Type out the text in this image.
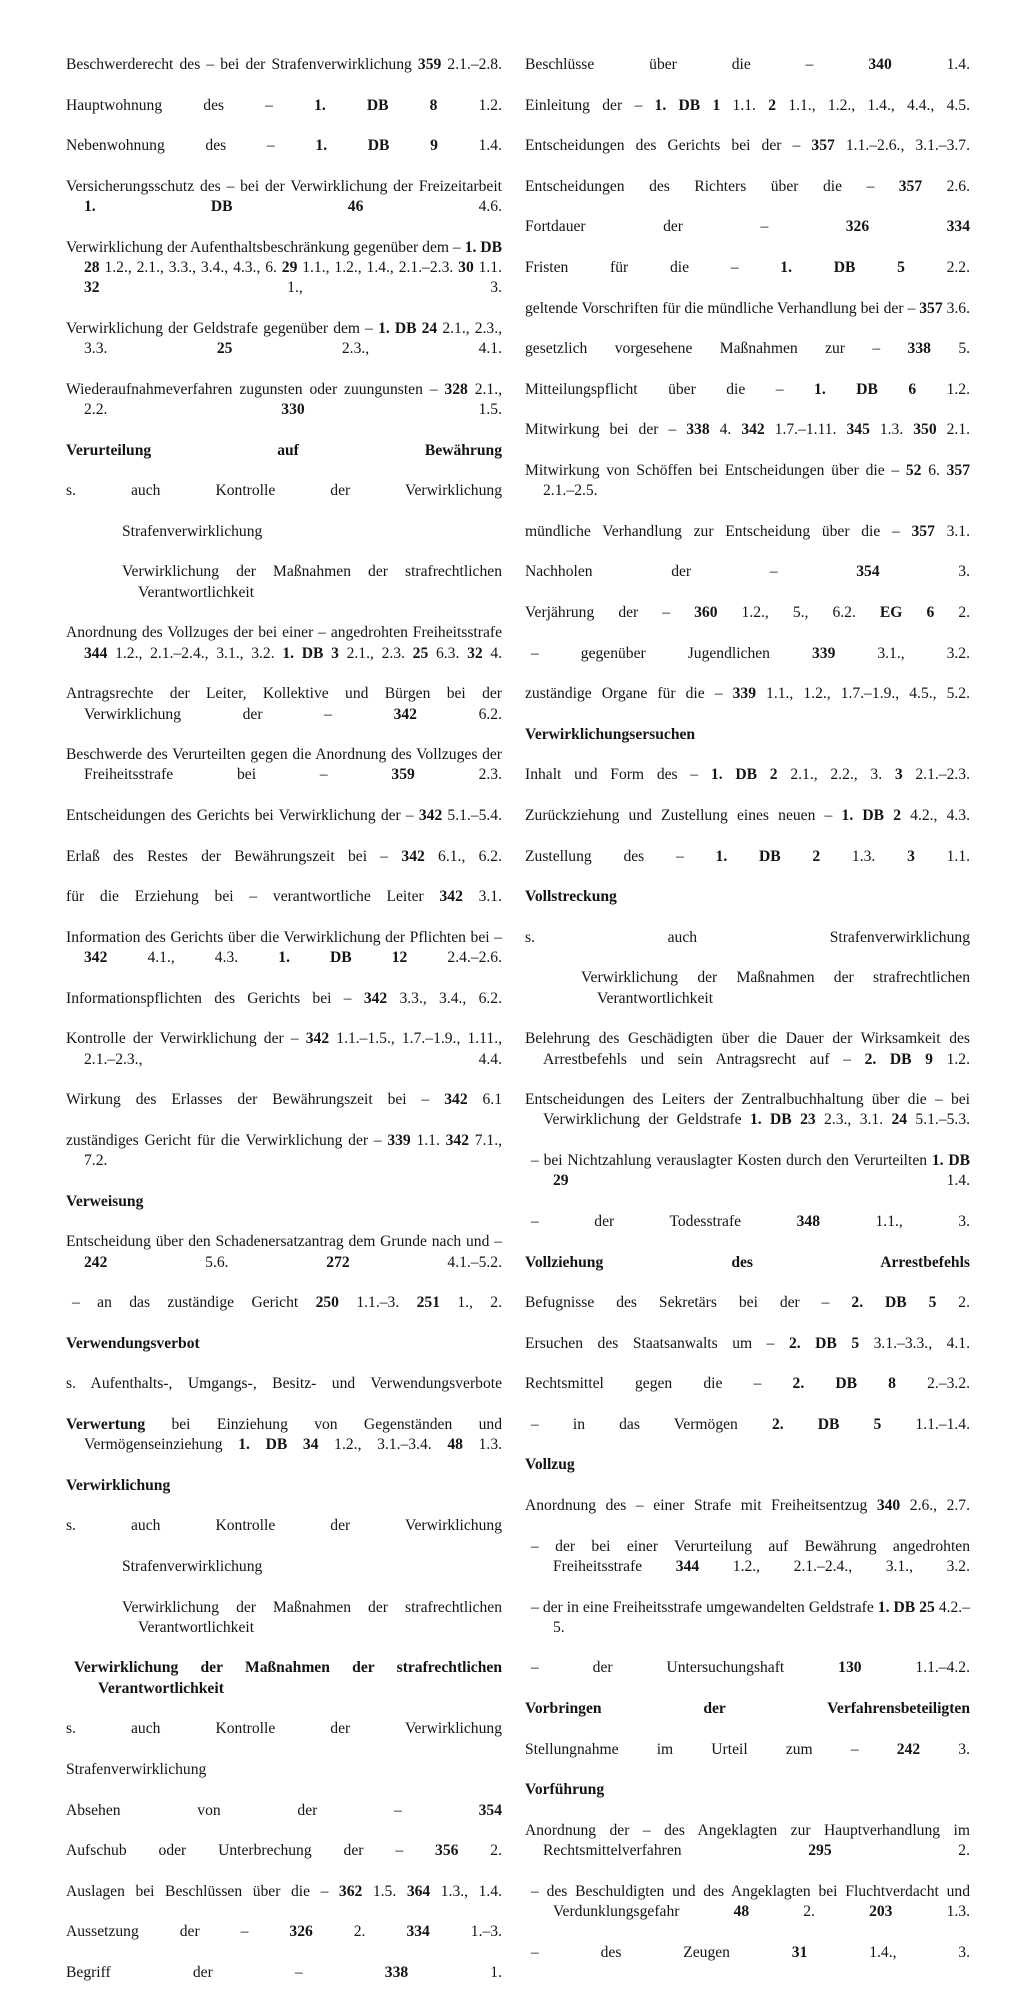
Beschwerderecht des – bei der Strafenverwirklichung 359 2.1.–2.8.
Hauptwohnung des – 1. DB 8 1.2.
Nebenwohnung des – 1. DB 9 1.4.
Versicherungsschutz des – bei der Verwirklichung der Freizeitarbeit 1. DB 46 4.6.
Verwirklichung der Aufenthaltsbeschränkung gegenüber dem – 1. DB 28 1.2., 2.1., 3.3., 3.4., 4.3., 6. 29 1.1., 1.2., 1.4., 2.1.–2.3. 30 1.1. 32 1., 3.
Verwirklichung der Geldstrafe gegenüber dem – 1. DB 24 2.1., 2.3., 3.3. 25 2.3., 4.1.
Wiederaufnahmeverfahren zugunsten oder zuungunsten – 328 2.1., 2.2. 330 1.5.
Verurteilung auf Bewährung
s. auch Kontrolle der Verwirklichung
Strafenverwirklichung
Verwirklichung der Maßnahmen der strafrechtlichen Verantwortlichkeit
Anordnung des Vollzuges der bei einer – angedrohten Freiheitsstrafe 344 1.2., 2.1.–2.4., 3.1., 3.2. 1. DB 3 2.1., 2.3. 25 6.3. 32 4.
Antragsrechte der Leiter, Kollektive und Bürgen bei der Verwirklichung der – 342 6.2.
Beschwerde des Verurteilten gegen die Anordnung des Vollzuges der Freiheitsstrafe bei – 359 2.3.
Entscheidungen des Gerichts bei Verwirklichung der – 342 5.1.–5.4.
Erlaß des Restes der Bewährungszeit bei – 342 6.1., 6.2.
für die Erziehung bei – verantwortliche Leiter 342 3.1.
Information des Gerichts über die Verwirklichung der Pflichten bei – 342 4.1., 4.3. 1. DB 12 2.4.–2.6.
Informationspflichten des Gerichts bei – 342 3.3., 3.4., 6.2.
Kontrolle der Verwirklichung der – 342 1.1.–1.5., 1.7.–1.9., 1.11., 2.1.–2.3., 4.4.
Wirkung des Erlasses der Bewährungszeit bei – 342 6.1
zuständiges Gericht für die Verwirklichung der – 339 1.1. 342 7.1., 7.2.
Verweisung
Entscheidung über den Schadenersatzantrag dem Grunde nach und – 242 5.6. 272 4.1.–5.2.
– an das zuständige Gericht 250 1.1.–3. 251 1., 2.
Verwendungsverbot
s. Aufenthalts-, Umgangs-, Besitz- und Verwendungsverbote
Verwertung bei Einziehung von Gegenständen und Vermögenseinziehung 1. DB 34 1.2., 3.1.–3.4. 48 1.3.
Verwirklichung
s. auch Kontrolle der Verwirklichung
Strafenverwirklichung
Verwirklichung der Maßnahmen der strafrechtlichen Verantwortlichkeit
Verwirklichung der Maßnahmen der strafrechtlichen Verantwortlichkeit
s. auch Kontrolle der Verwirklichung
Strafenverwirklichung
Absehen von der – 354
Aufschub oder Unterbrechung der – 356 2.
Auslagen bei Beschlüssen über die – 362 1.5. 364 1.3., 1.4.
Aussetzung der – 326 2. 334 1.–3.
Begriff der – 338 1.
Beschlüsse über die – 340 1.4.
Einleitung der – 1. DB 1 1.1. 2 1.1., 1.2., 1.4., 4.4., 4.5.
Entscheidungen des Gerichts bei der – 357 1.1.–2.6., 3.1.–3.7.
Entscheidungen des Richters über die – 357 2.6.
Fortdauer der – 326 334
Fristen für die – 1. DB 5 2.2.
geltende Vorschriften für die mündliche Verhandlung bei der – 357 3.6.
gesetzlich vorgesehene Maßnahmen zur – 338 5.
Mitteilungspflicht über die – 1. DB 6 1.2.
Mitwirkung bei der – 338 4. 342 1.7.–1.11. 345 1.3. 350 2.1.
Mitwirkung von Schöffen bei Entscheidungen über die – 52 6. 357 2.1.–2.5.
mündliche Verhandlung zur Entscheidung über die – 357 3.1.
Nachholen der – 354 3.
Verjährung der – 360 1.2., 5., 6.2. EG 6 2.
– gegenüber Jugendlichen 339 3.1., 3.2.
zuständige Organe für die – 339 1.1., 1.2., 1.7.–1.9., 4.5., 5.2.
Verwirklichungsersuchen
Inhalt und Form des – 1. DB 2 2.1., 2.2., 3. 3 2.1.–2.3.
Zurückziehung und Zustellung eines neuen – 1. DB 2 4.2., 4.3.
Zustellung des – 1. DB 2 1.3. 3 1.1.
Vollstreckung
s. auch Strafenverwirklichung
Verwirklichung der Maßnahmen der strafrechtlichen Verantwortlichkeit
Belehrung des Geschädigten über die Dauer der Wirksamkeit des Arrestbefehls und sein Antragsrecht auf – 2. DB 9 1.2.
Entscheidungen des Leiters der Zentralbuchhaltung über die – bei Verwirklichung der Geldstrafe 1. DB 23 2.3., 3.1. 24 5.1.–5.3.
– bei Nichtzahlung verauslagter Kosten durch den Verurteilten 1. DB 29 1.4.
– der Todesstrafe 348 1.1., 3.
Vollziehung des Arrestbefehls
Befugnisse des Sekretärs bei der – 2. DB 5 2.
Ersuchen des Staatsanwalts um – 2. DB 5 3.1.–3.3., 4.1.
Rechtsmittel gegen die – 2. DB 8 2.–3.2.
– in das Vermögen 2. DB 5 1.1.–1.4.
Vollzug
Anordnung des – einer Strafe mit Freiheitsentzug 340 2.6., 2.7.
– der bei einer Verurteilung auf Bewährung angedrohten Freiheitsstrafe 344 1.2., 2.1.–2.4., 3.1., 3.2.
– der in eine Freiheitsstrafe umgewandelten Geldstrafe 1. DB 25 4.2.–5.
– der Untersuchungshaft 130 1.1.–4.2.
Vorbringen der Verfahrensbeteiligten
Stellungnahme im Urteil zum – 242 3.
Vorführung
Anordnung der – des Angeklagten zur Hauptverhandlung im Rechtsmittelverfahren 295 2.
– des Beschuldigten und des Angeklagten bei Fluchtverdacht und Verdunklungsgefahr 48 2. 203 1.3.
– des Zeugen 31 1.4., 3.
